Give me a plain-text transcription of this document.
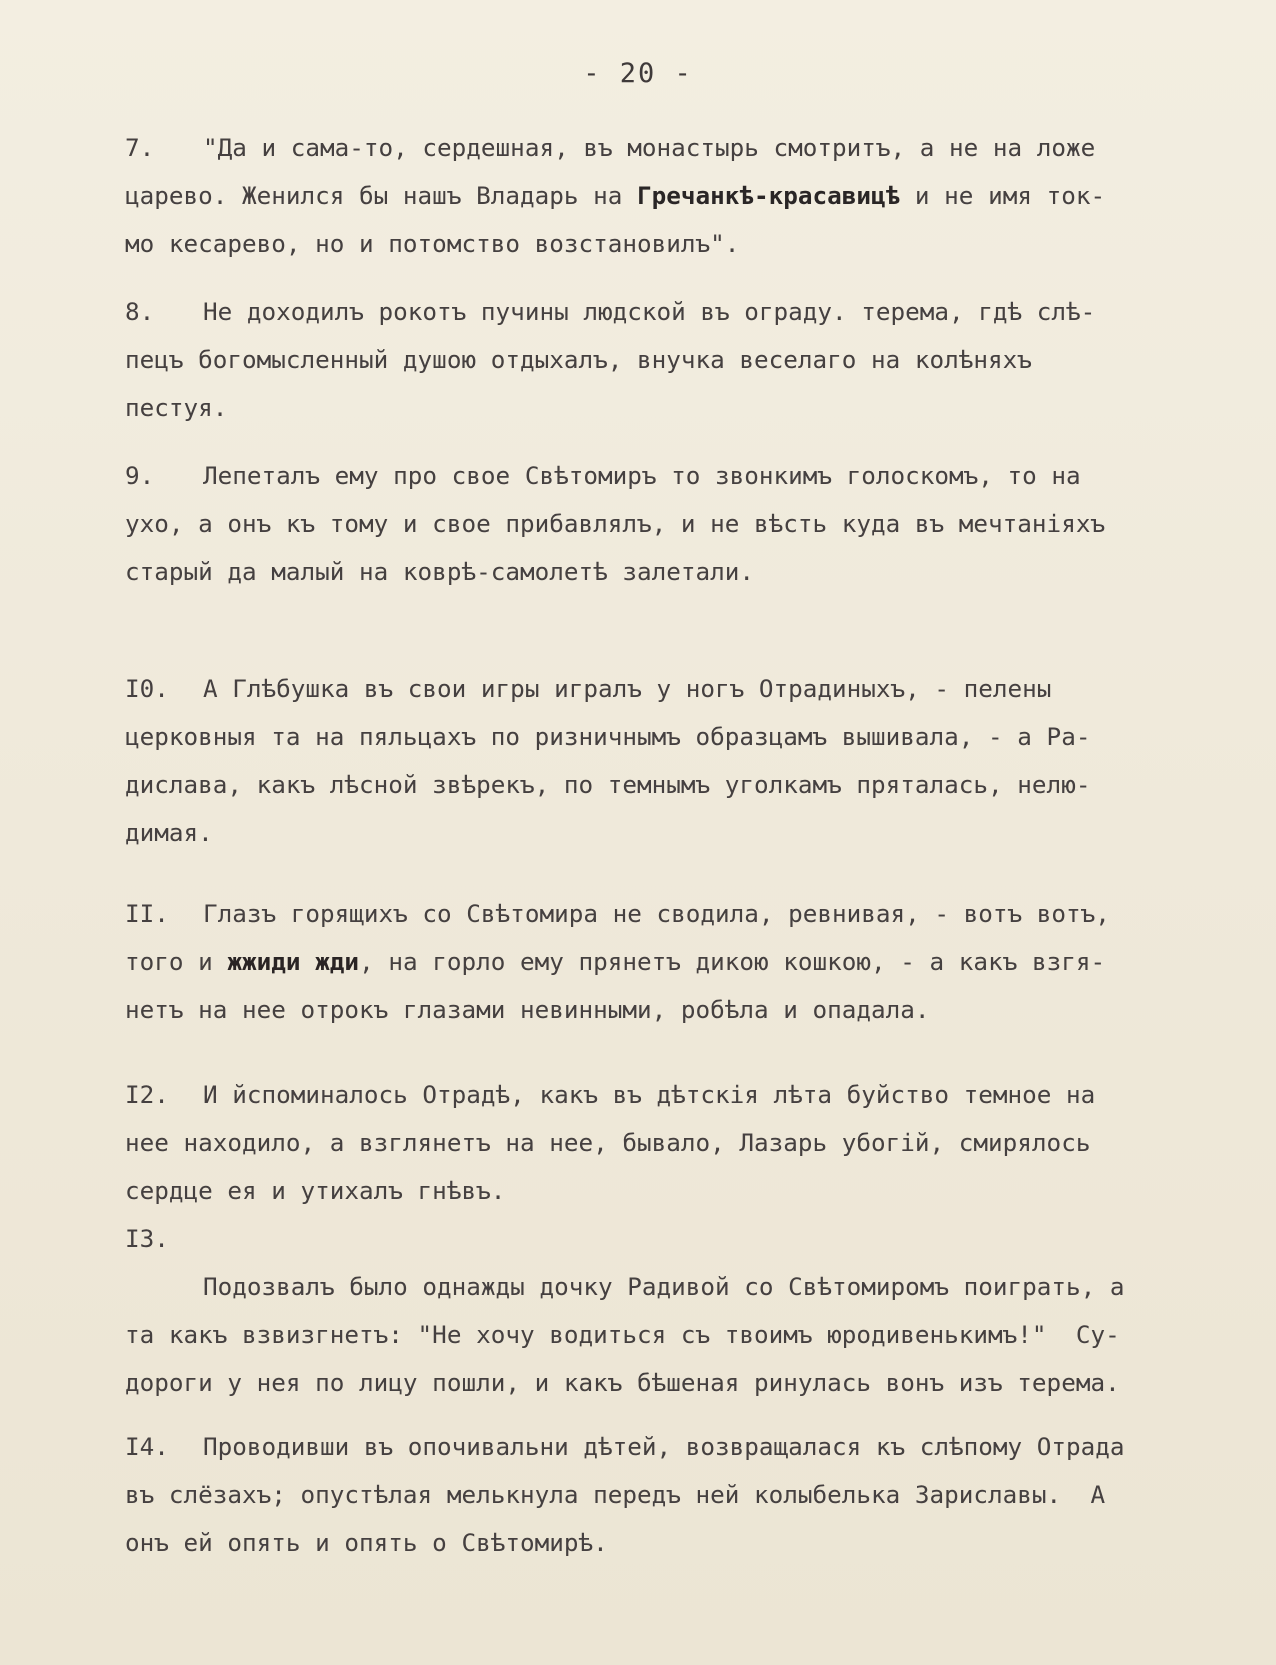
- 20 -
7. "Да и сама-то, сердешная, въ монастырь смотритъ, а не на ложе
царево. Женился бы нашъ Владарь на Гречанкѣ-красавицѣ и не имя ток-
мо кесарево, но и потомство возстановилъ".
8. Не доходилъ рокотъ пучины людской въ ограду. терема, гдѣ слѣ-
пецъ богомысленный душою отдыхалъ, внучка веселаго на колѣняхъ
пестуя.
9. Лепеталъ ему про свое Свѣтомиръ то звонкимъ голоскомъ, то на
ухо, а онъ къ тому и свое прибавлялъ, и не вѣсть куда въ мечтаніяхъ
старый да малый на коврѣ-самолетѣ залетали.
I0. А Глѣбушка въ свои игры игралъ у ногъ Отрадиныхъ, - пелены
церковныя та на пяльцахъ по ризничнымъ образцамъ вышивала, - а Ра-
дислава, какъ лѣсной звѣрекъ, по темнымъ уголкамъ пряталась, нелю-
димая.
II. Глазъ горящихъ со Свѣтомира не сводила, ревнивая, - вотъ вотъ,
того и жжиди жди, на горло ему прянетъ дикою кошкою, - а какъ взгя-
нетъ на нее отрокъ глазами невинными, робѣла и опадала.
I2. И йспоминалось Отрадѣ, какъ въ дѣтскія лѣта буйство темное на
нее находило, а взглянетъ на нее, бывало, Лазарь убогій, смирялось
сердце ея и утихалъ гнѣвъ.
I3.
Подозвалъ было однажды дочку Радивой со Свѣтомиромъ поиграть, а
та какъ взвизгнетъ: "Не хочу водиться съ твоимъ юродивенькимъ!"  Су-
дороги у нея по лицу пошли, и какъ бѣшеная ринулась вонъ изъ терема.
I4. Проводивши въ опочивальни дѣтей, возвращалася къ слѣпому Отрада
въ слёзахъ; опустѣлая мелькнула передъ ней колыбелька Зариславы.  А
онъ ей опять и опять о Свѣтомирѣ.
